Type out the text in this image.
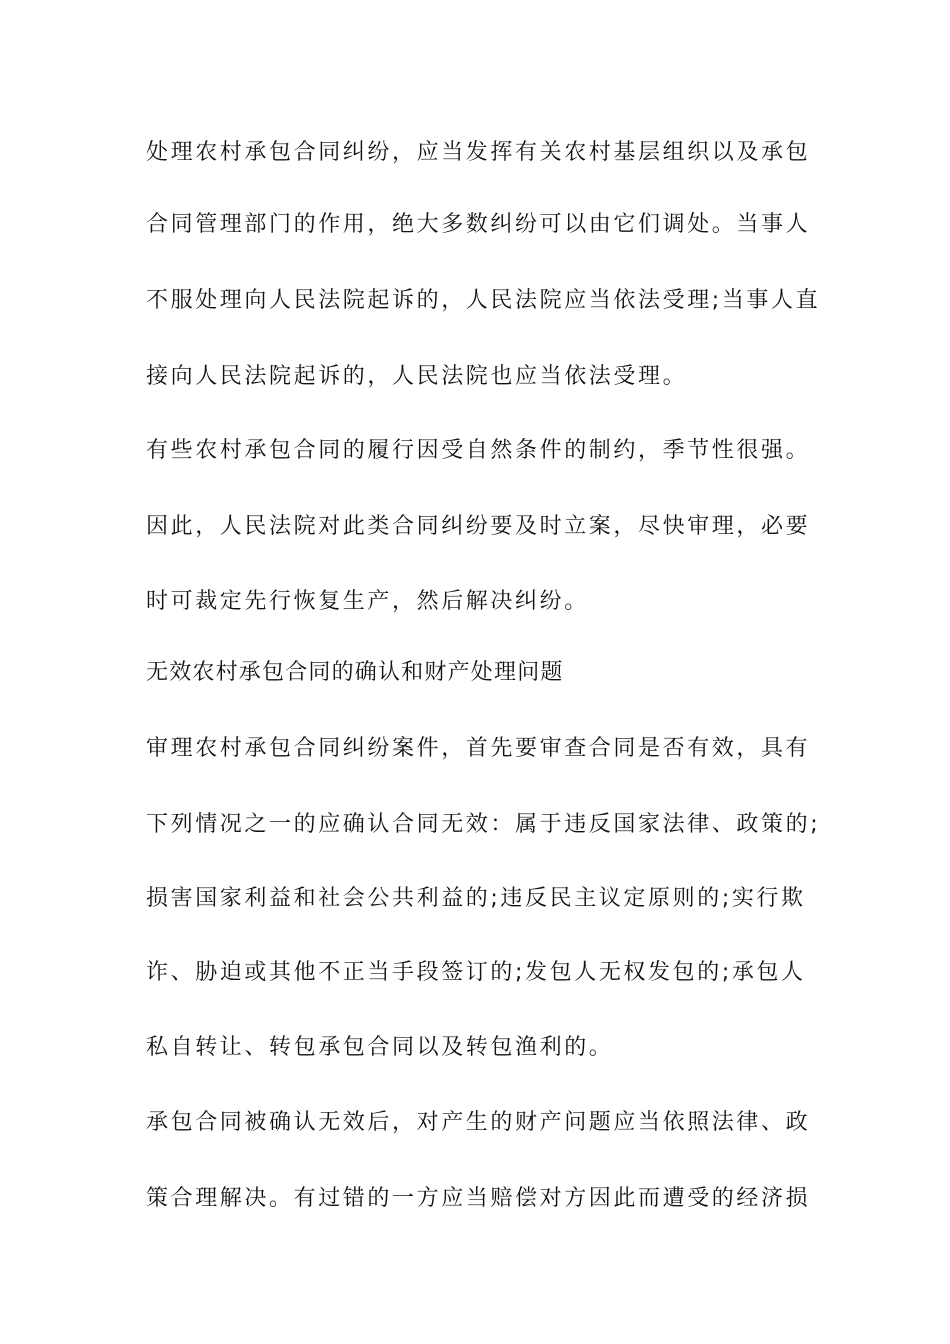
处理农村承包合同纠纷，应当发挥有关农村基层组织以及承包
合同管理部门的作用，绝大多数纠纷可以由它们调处。当事人
不服处理向人民法院起诉的，人民法院应当依法受理;当事人直
接向人民法院起诉的，人民法院也应当依法受理。
有些农村承包合同的履行因受自然条件的制约，季节性很强。
因此，人民法院对此类合同纠纷要及时立案，尽快审理，必要
时可裁定先行恢复生产，然后解决纠纷。
无效农村承包合同的确认和财产处理问题
审理农村承包合同纠纷案件，首先要审查合同是否有效，具有
下列情况之一的应确认合同无效：属于违反国家法律、政策的;
损害国家利益和社会公共利益的;违反民主议定原则的;实行欺
诈、胁迫或其他不正当手段签订的;发包人无权发包的;承包人
私自转让、转包承包合同以及转包渔利的。
承包合同被确认无效后，对产生的财产问题应当依照法律、政
策合理解决。有过错的一方应当赔偿对方因此而遭受的经济损
